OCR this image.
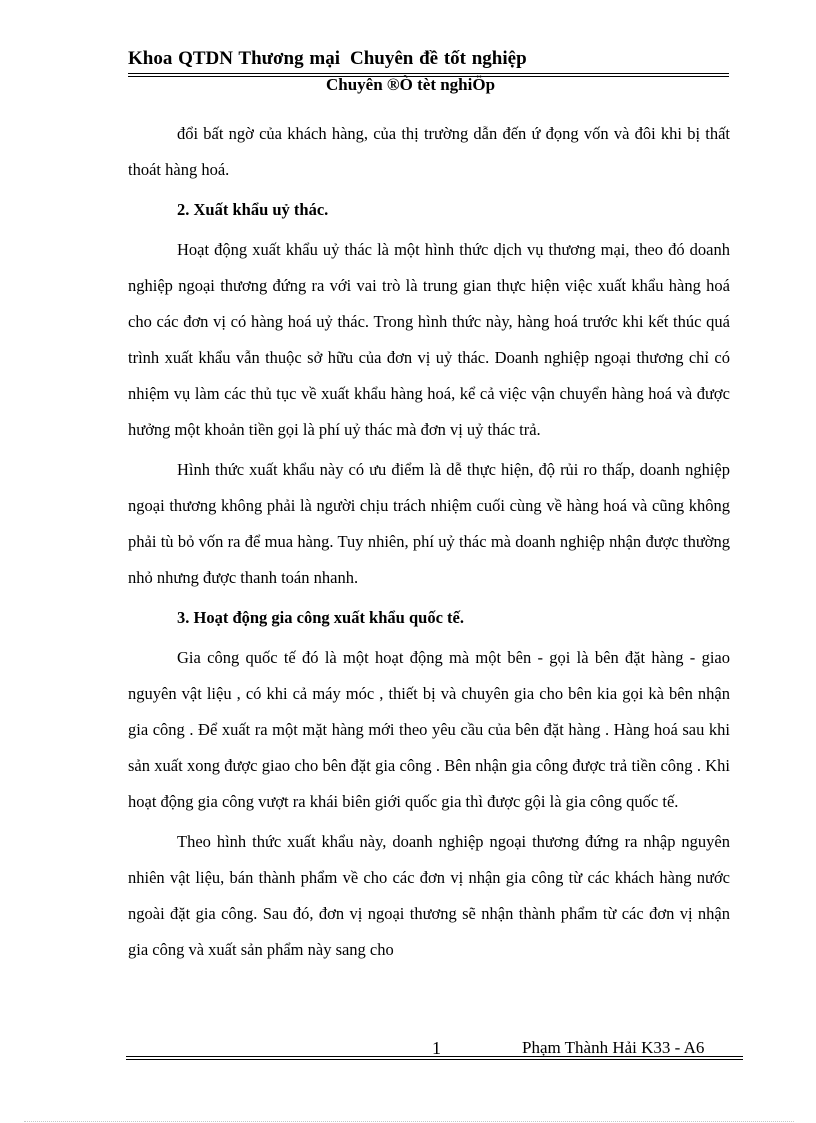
Khoa QTDN Thương mại Chuyên đề tốt nghiệp
Chuyên ®Ò tèt nghiÖp

đổi bất ngờ của khách hàng, của thị trường dẫn đến ứ đọng vốn và đôi khi bị thất thoát hàng hoá.

2. Xuất khẩu uỷ thác.

Hoạt động xuất khẩu uỷ thác là một hình thức dịch vụ thương mại, theo đó doanh nghiệp ngoại thương đứng ra với vai trò là trung gian thực hiện việc xuất khẩu hàng hoá cho các đơn vị có hàng hoá uỷ thác. Trong hình thức này, hàng hoá trước khi kết thúc quá trình xuất khẩu vẫn thuộc sở hữu của đơn vị uỷ thác. Doanh nghiệp ngoại thương chỉ có nhiệm vụ làm các thủ tục về xuất khẩu hàng hoá, kể cả việc vận chuyển hàng hoá và được hưởng một khoản tiền gọi là phí uỷ thác mà đơn vị uỷ thác trả.

Hình thức xuất khẩu này có ưu điểm là dễ thực hiện, độ rủi ro thấp, doanh nghiệp ngoại thương không phải là người chịu trách nhiệm cuối cùng về hàng hoá và cũng không phải tù bỏ vốn ra để mua hàng. Tuy nhiên, phí uỷ thác mà doanh nghiệp nhận được thường nhỏ nhưng được thanh toán nhanh.

3. Hoạt động gia công xuất khẩu quốc tế.

Gia công quốc tế đó là một hoạt động mà một bên - gọi là bên đặt hàng - giao nguyên vật liệu , có khi cả máy móc , thiết bị và chuyên gia cho bên kia gọi kà bên nhận gia công . Để xuất ra một mặt hàng mới theo yêu cầu của bên đặt hàng . Hàng hoá sau khi sản xuất xong được giao cho bên đặt gia công . Bên nhận gia công được trả tiền công . Khi hoạt động gia công vượt ra khái biên giới quốc gia thì được gội là gia công quốc tế.

Theo hình thức xuất khẩu này, doanh nghiệp ngoại thương đứng ra nhập nguyên nhiên vật liệu, bán thành phẩm về cho các đơn vị nhận gia công từ các khách hàng nước ngoài đặt gia công. Sau đó, đơn vị ngoại thương sẽ nhận thành phẩm từ các đơn vị nhận gia công và xuất sản phẩm này sang cho

1	Phạm Thành Hải K33 - A6
